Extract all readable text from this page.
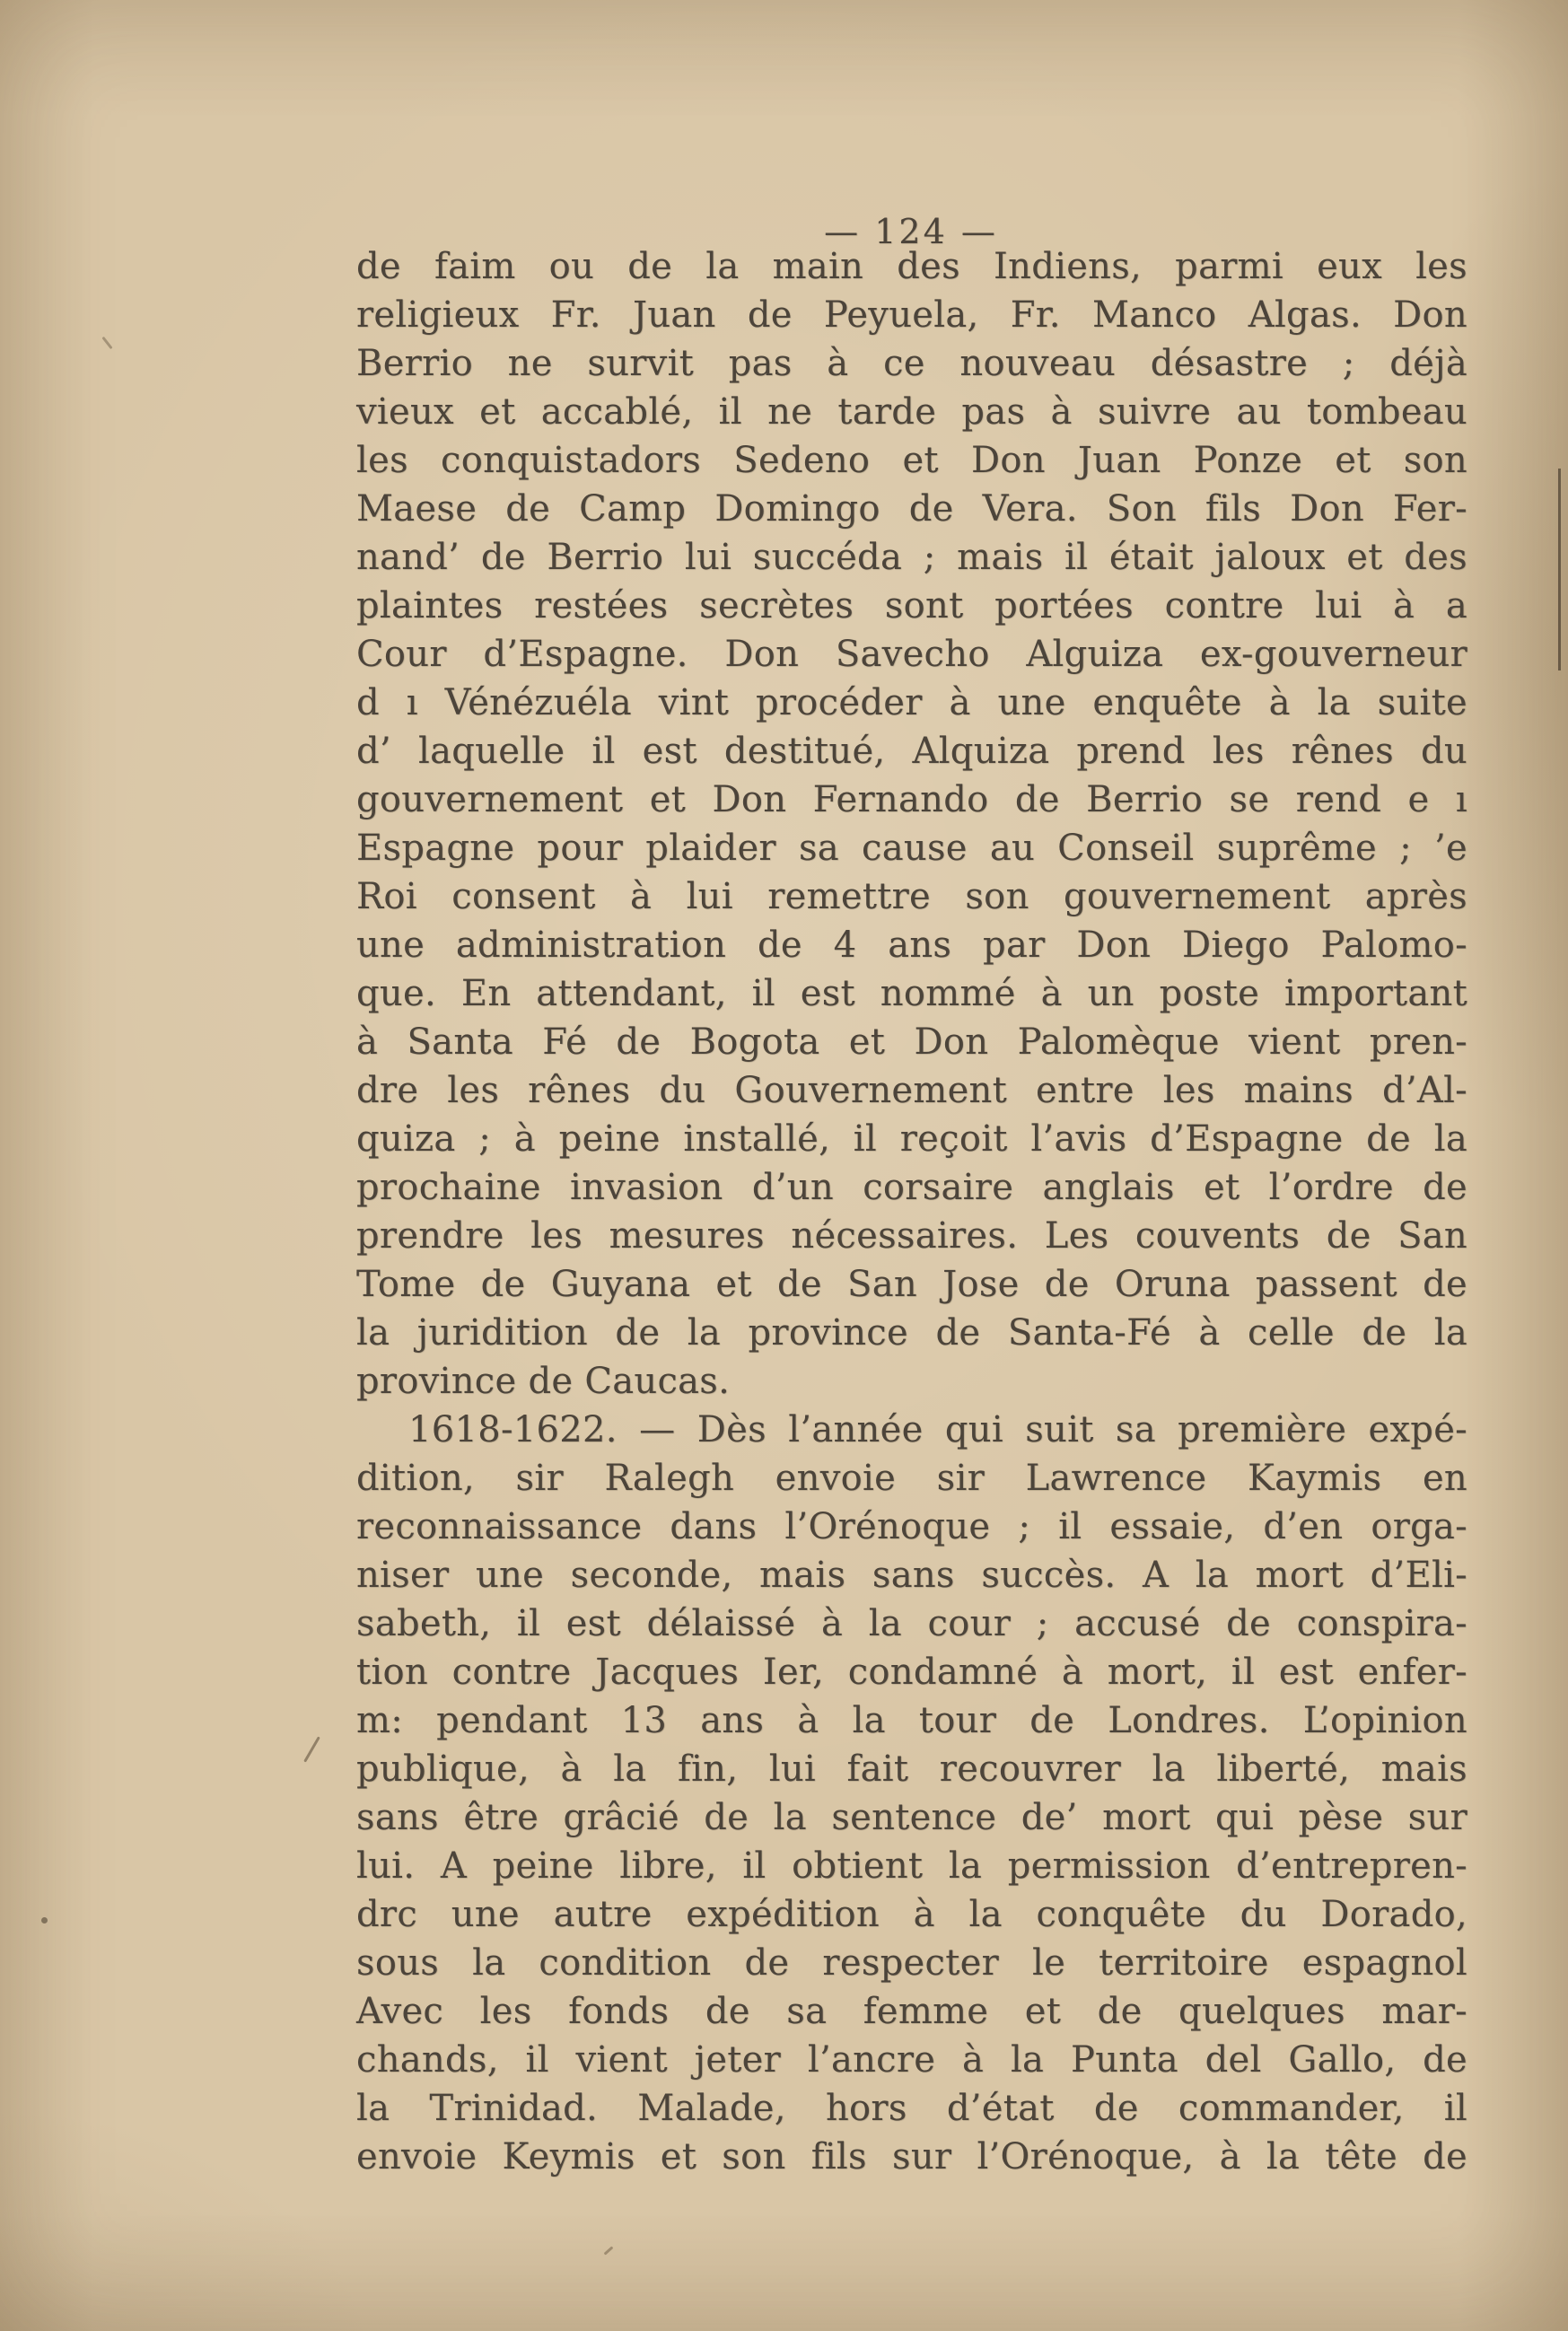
— 124 —
de faim ou de la main des Indiens, parmi eux les
religieux Fr. Juan de Peyuela, Fr. Manco Algas. Don
Berrio ne survit pas à ce nouveau désastre ; déjà
vieux et accablé, il ne tarde pas à suivre au tombeau
les conquistadors Sedeno et Don Juan Ponze et son
Maese de Camp Domingo de Vera. Son fils Don Fer-
nand’ de Berrio lui succéda ; mais il était jaloux et des
plaintes restées secrètes sont portées contre lui à a
Cour d’Espagne. Don Savecho Alguiza ex-gouverneur
d ı Vénézuéla vint procéder à une enquête à la suite
d’ laquelle il est destitué, Alquiza prend les rênes du
gouvernement et Don Fernando de Berrio se rend e ı
Espagne pour plaider sa cause au Conseil suprême ; ’e
Roi consent à lui remettre son gouvernement après
une administration de 4 ans par Don Diego Palomo-
que. En attendant, il est nommé à un poste important
à Santa Fé de Bogota et Don Palomèque vient pren-
dre les rênes du Gouvernement entre les mains d’Al-
quiza ; à peine installé, il reçoit l’avis d’Espagne de la
prochaine invasion d’un corsaire anglais et l’ordre de
prendre les mesures nécessaires. Les couvents de San
Tome de Guyana et de San Jose de Oruna passent de
la juridition de la province de Santa-Fé à celle de la
province de Caucas.
1618-1622. — Dès l’année qui suit sa première expé-
dition, sir Ralegh envoie sir Lawrence Kaymis en
reconnaissance dans l’Orénoque ; il essaie, d’en orga-
niser une seconde, mais sans succès. A la mort d’Eli-
sabeth, il est délaissé à la cour ; accusé de conspira-
tion contre Jacques Ier, condamné à mort, il est enfer-
m: pendant 13 ans à la tour de Londres. L’opinion
publique, à la fin, lui fait recouvrer la liberté, mais
sans être grâcié de la sentence de’ mort qui pèse sur
lui. A peine libre, il obtient la permission d’entrepren-
drc une autre expédition à la conquête du Dorado,
sous la condition de respecter le territoire espagnol
Avec les fonds de sa femme et de quelques mar-
chands, il vient jeter l’ancre à la Punta del Gallo, de
la Trinidad. Malade, hors d’état de commander, il
envoie Keymis et son fils sur l’Orénoque, à la tête de
